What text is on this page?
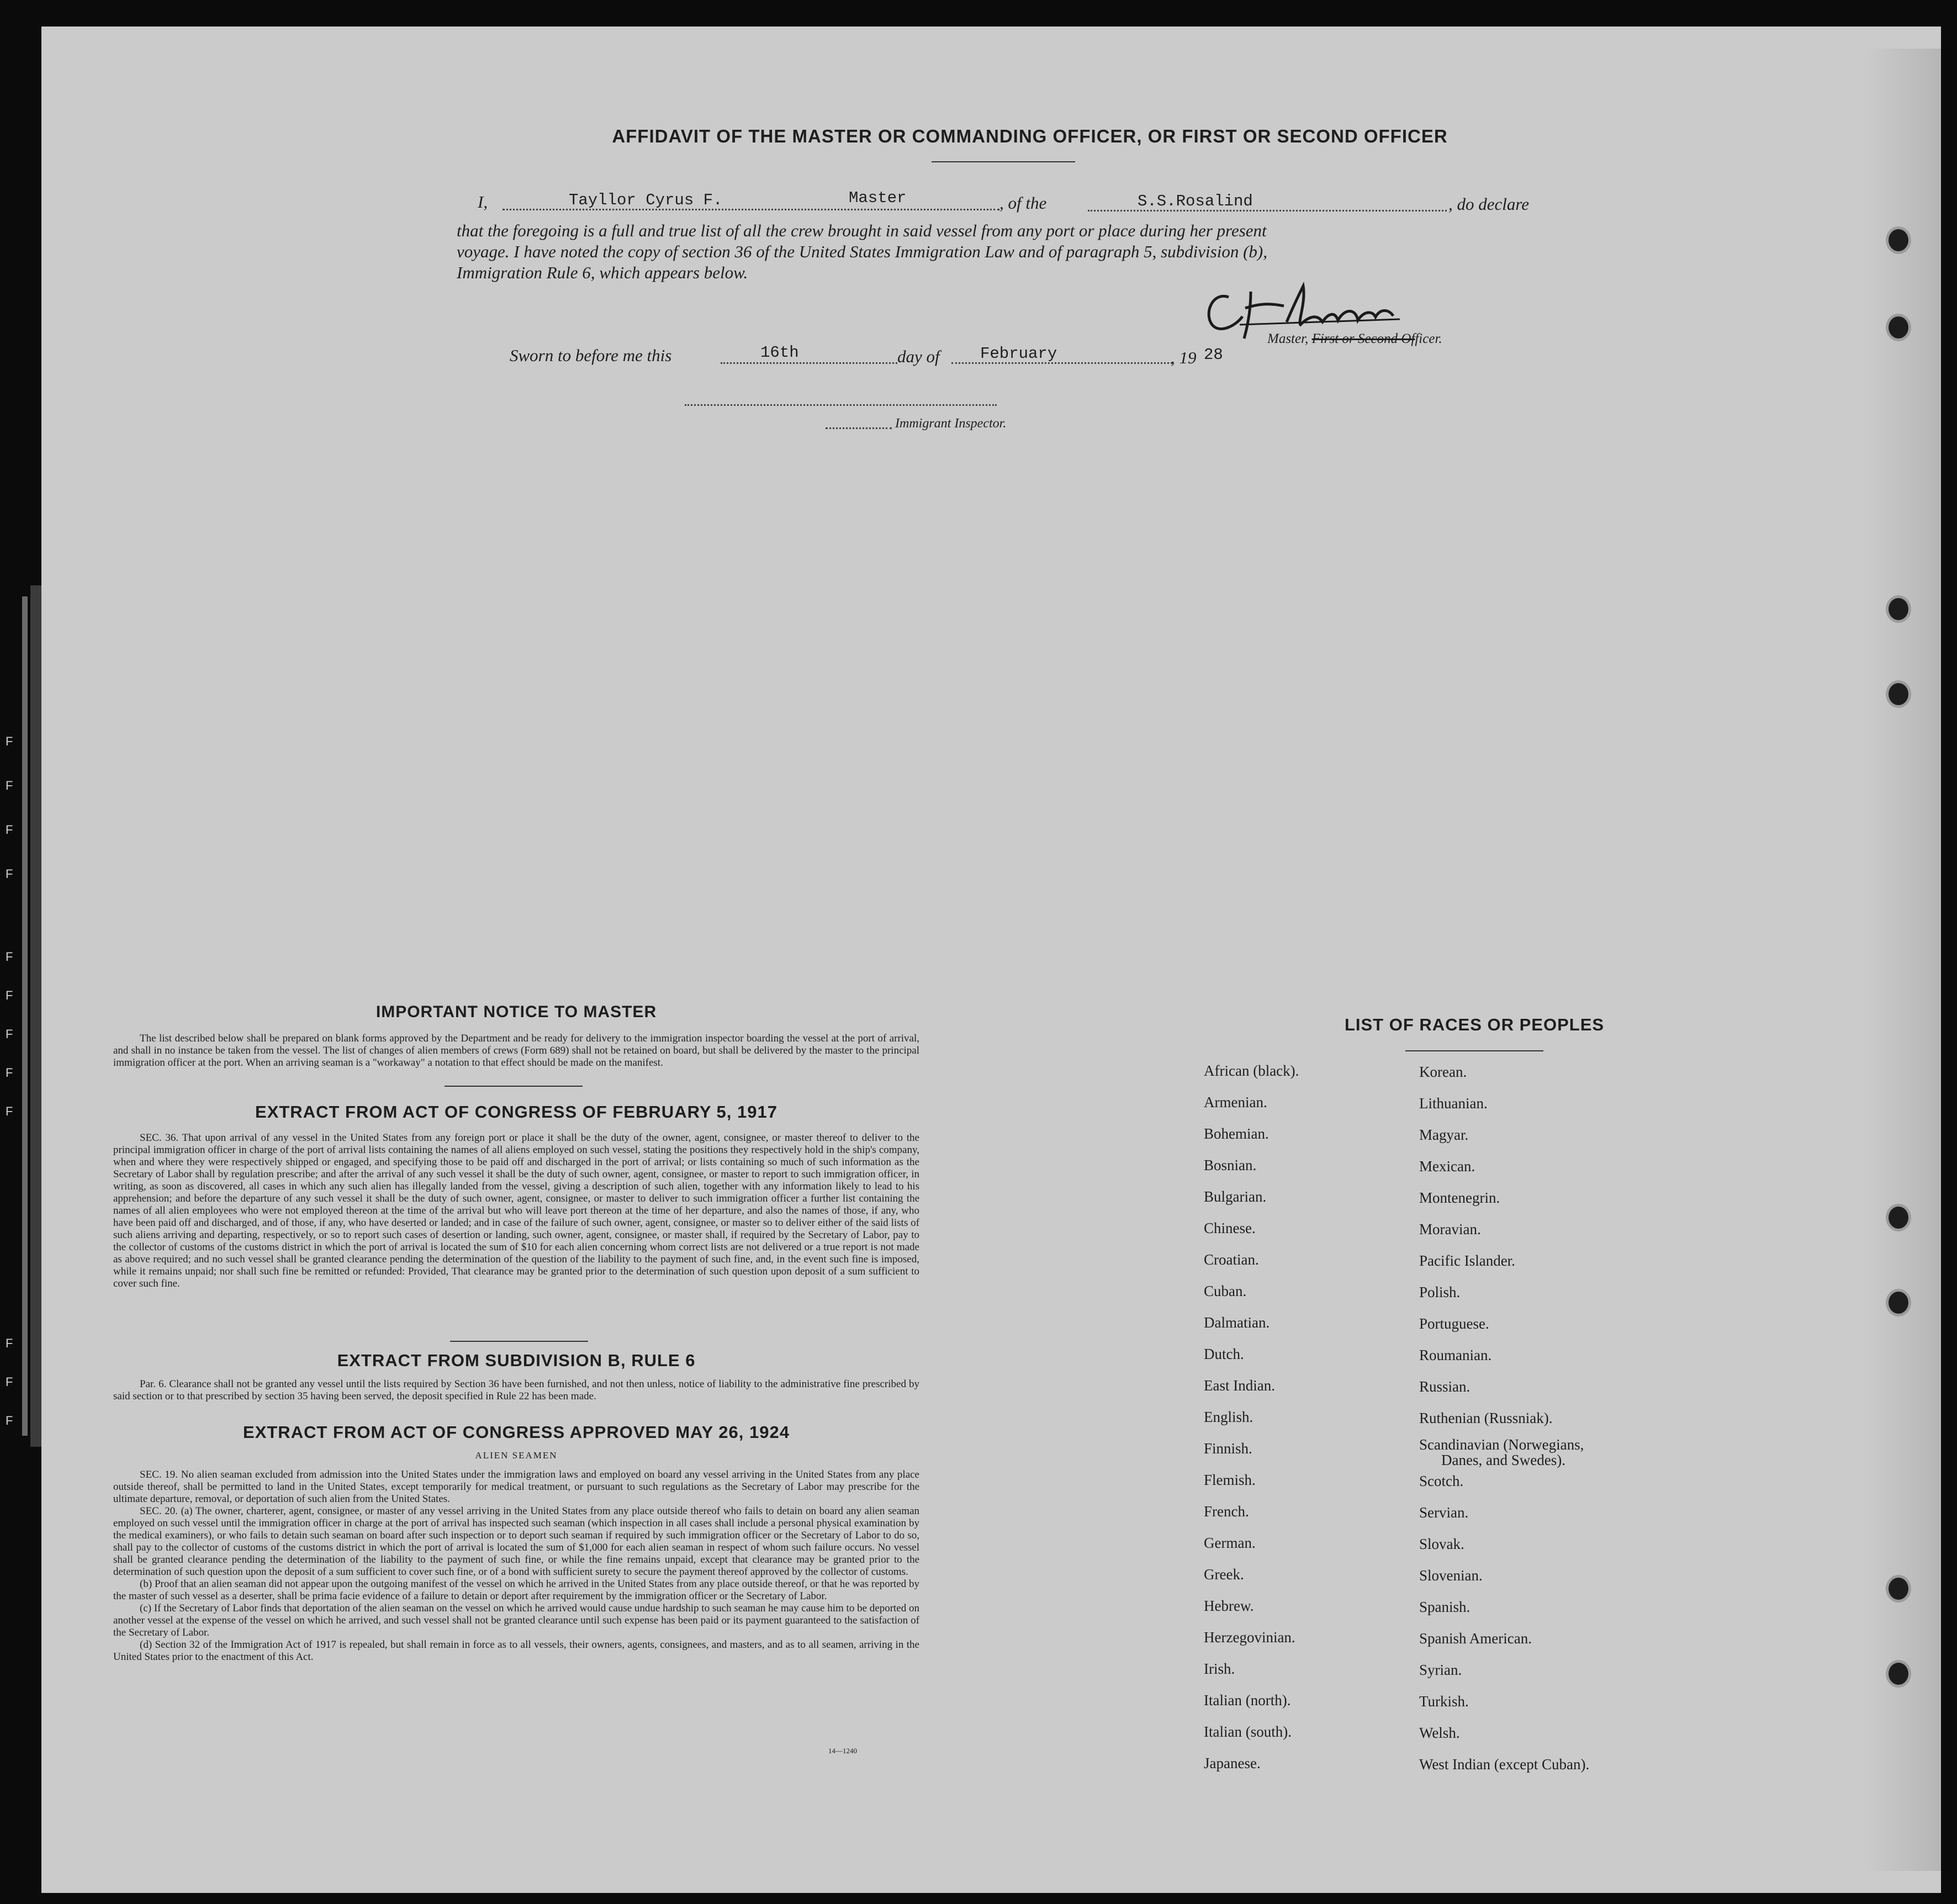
F
F
F
F
F
F
F
F
F
F
F
F
AFFIDAVIT OF THE MASTER OR COMMANDING OFFICER, OR FIRST OR SECOND OFFICER
I,	Tayllor Cyrus F.	Master	, of the	S.S.Rosalind	, do declare
that the foregoing is a full and true list of all the crew brought in said vessel from any port or place during her present
voyage. I have noted the copy of section 36 of the United States Immigration Law and of paragraph 5, subdivision (b),
Immigration Rule 6, which appears below.
Master, First or Second Officer.
Sworn to before me this	16th	day of	February	, 19 28
Immigrant Inspector.
IMPORTANT NOTICE TO MASTER

The list described below shall be prepared on blank forms approved by the Department and be ready for delivery to the immigration inspector boarding the vessel at the port of arrival, and shall in no instance be taken from the vessel. The list of changes of alien members of crews (Form 689) shall not be retained on board, but shall be delivered by the master to the principal immigration officer at the port. When an arriving seaman is a "workaway" a notation to that effect should be made on the manifest.

EXTRACT FROM ACT OF CONGRESS OF FEBRUARY 5, 1917

SEC. 36. That upon arrival of any vessel in the United States from any foreign port or place it shall be the duty of the owner, agent, consignee, or master thereof to deliver to the principal immigration officer in charge of the port of arrival lists containing the names of all aliens employed on such vessel, stating the positions they respectively hold in the ship's company, when and where they were respectively shipped or engaged, and specifying those to be paid off and discharged in the port of arrival; or lists containing so much of such information as the Secretary of Labor shall by regulation prescribe; and after the arrival of any such vessel it shall be the duty of such owner, agent, consignee, or master to report to such immigration officer, in writing, as soon as discovered, all cases in which any such alien has illegally landed from the vessel, giving a description of such alien, together with any information likely to lead to his apprehension; and before the departure of any such vessel it shall be the duty of such owner, agent, consignee, or master to deliver to such immigration officer a further list containing the names of all alien employees who were not employed thereon at the time of the arrival but who will leave port thereon at the time of her departure, and also the names of those, if any, who have been paid off and discharged, and of those, if any, who have deserted or landed; and in case of the failure of such owner, agent, consignee, or master so to deliver either of the said lists of such aliens arriving and departing, respectively, or so to report such cases of desertion or landing, such owner, agent, consignee, or master shall, if required by the Secretary of Labor, pay to the collector of customs of the customs district in which the port of arrival is located the sum of $10 for each alien concerning whom correct lists are not delivered or a true report is not made as above required; and no such vessel shall be granted clearance pending the determination of the question of the liability to the payment of such fine, and, in the event such fine is imposed, while it remains unpaid; nor shall such fine be remitted or refunded: Provided, That clearance may be granted prior to the determination of such question upon deposit of a sum sufficient to cover such fine.

EXTRACT FROM SUBDIVISION B, RULE 6

Par. 6. Clearance shall not be granted any vessel until the lists required by Section 36 have been furnished, and not then unless, notice of liability to the administrative fine prescribed by said section or to that prescribed by section 35 having been served, the deposit specified in Rule 22 has been made.

EXTRACT FROM ACT OF CONGRESS APPROVED MAY 26, 1924
ALIEN SEAMEN

SEC. 19. No alien seaman excluded from admission into the United States under the immigration laws and employed on board any vessel arriving in the United States from any place outside thereof, shall be permitted to land in the United States, except temporarily for medical treatment, or pursuant to such regulations as the Secretary of Labor may prescribe for the ultimate departure, removal, or deportation of such alien from the United States.

SEC. 20. (a) The owner, charterer, agent, consignee, or master of any vessel arriving in the United States from any place outside thereof who fails to detain on board any alien seaman employed on such vessel until the immigration officer in charge at the port of arrival has inspected such seaman (which inspection in all cases shall include a personal physical examination by the medical examiners), or who fails to detain such seaman on board after such inspection or to deport such seaman if required by such immigration officer or the Secretary of Labor to do so, shall pay to the collector of customs of the customs district in which the port of arrival is located the sum of $1,000 for each alien seaman in respect of whom such failure occurs. No vessel shall be granted clearance pending the determination of the liability to the payment of such fine, or while the fine remains unpaid, except that clearance may be granted prior to the determination of such question upon the deposit of a sum sufficient to cover such fine, or of a bond with sufficient surety to secure the payment thereof approved by the collector of customs.

(b) Proof that an alien seaman did not appear upon the outgoing manifest of the vessel on which he arrived in the United States from any place outside thereof, or that he was reported by the master of such vessel as a deserter, shall be prima facie evidence of a failure to detain or deport after requirement by the immigration officer or the Secretary of Labor.

(c) If the Secretary of Labor finds that deportation of the alien seaman on the vessel on which he arrived would cause undue hardship to such seaman he may cause him to be deported on another vessel at the expense of the vessel on which he arrived, and such vessel shall not be granted clearance until such expense has been paid or its payment guaranteed to the satisfaction of the Secretary of Labor.

(d) Section 32 of the Immigration Act of 1917 is repealed, but shall remain in force as to all vessels, their owners, agents, consignees, and masters, and as to all seamen, arriving in the United States prior to the enactment of this Act.

14—1240
LIST OF RACES OR PEOPLES
African (black).
Armenian.
Bohemian.
Bosnian.
Bulgarian.
Chinese.
Croatian.
Cuban.
Dalmatian.
Dutch.
East Indian.
English.
Finnish.
Flemish.
French.
German.
Greek.
Hebrew.
Herzegovinian.
Irish.
Italian (north).
Italian (south).
Japanese.
Korean.
Lithuanian.
Magyar.
Mexican.
Montenegrin.
Moravian.
Pacific Islander.
Polish.
Portuguese.
Roumanian.
Russian.
Ruthenian (Russniak).
Scandinavian (Norwegians,
Danes, and Swedes).
Scotch.
Servian.
Slovak.
Slovenian.
Spanish.
Spanish American.
Syrian.
Turkish.
Welsh.
West Indian (except Cuban).
